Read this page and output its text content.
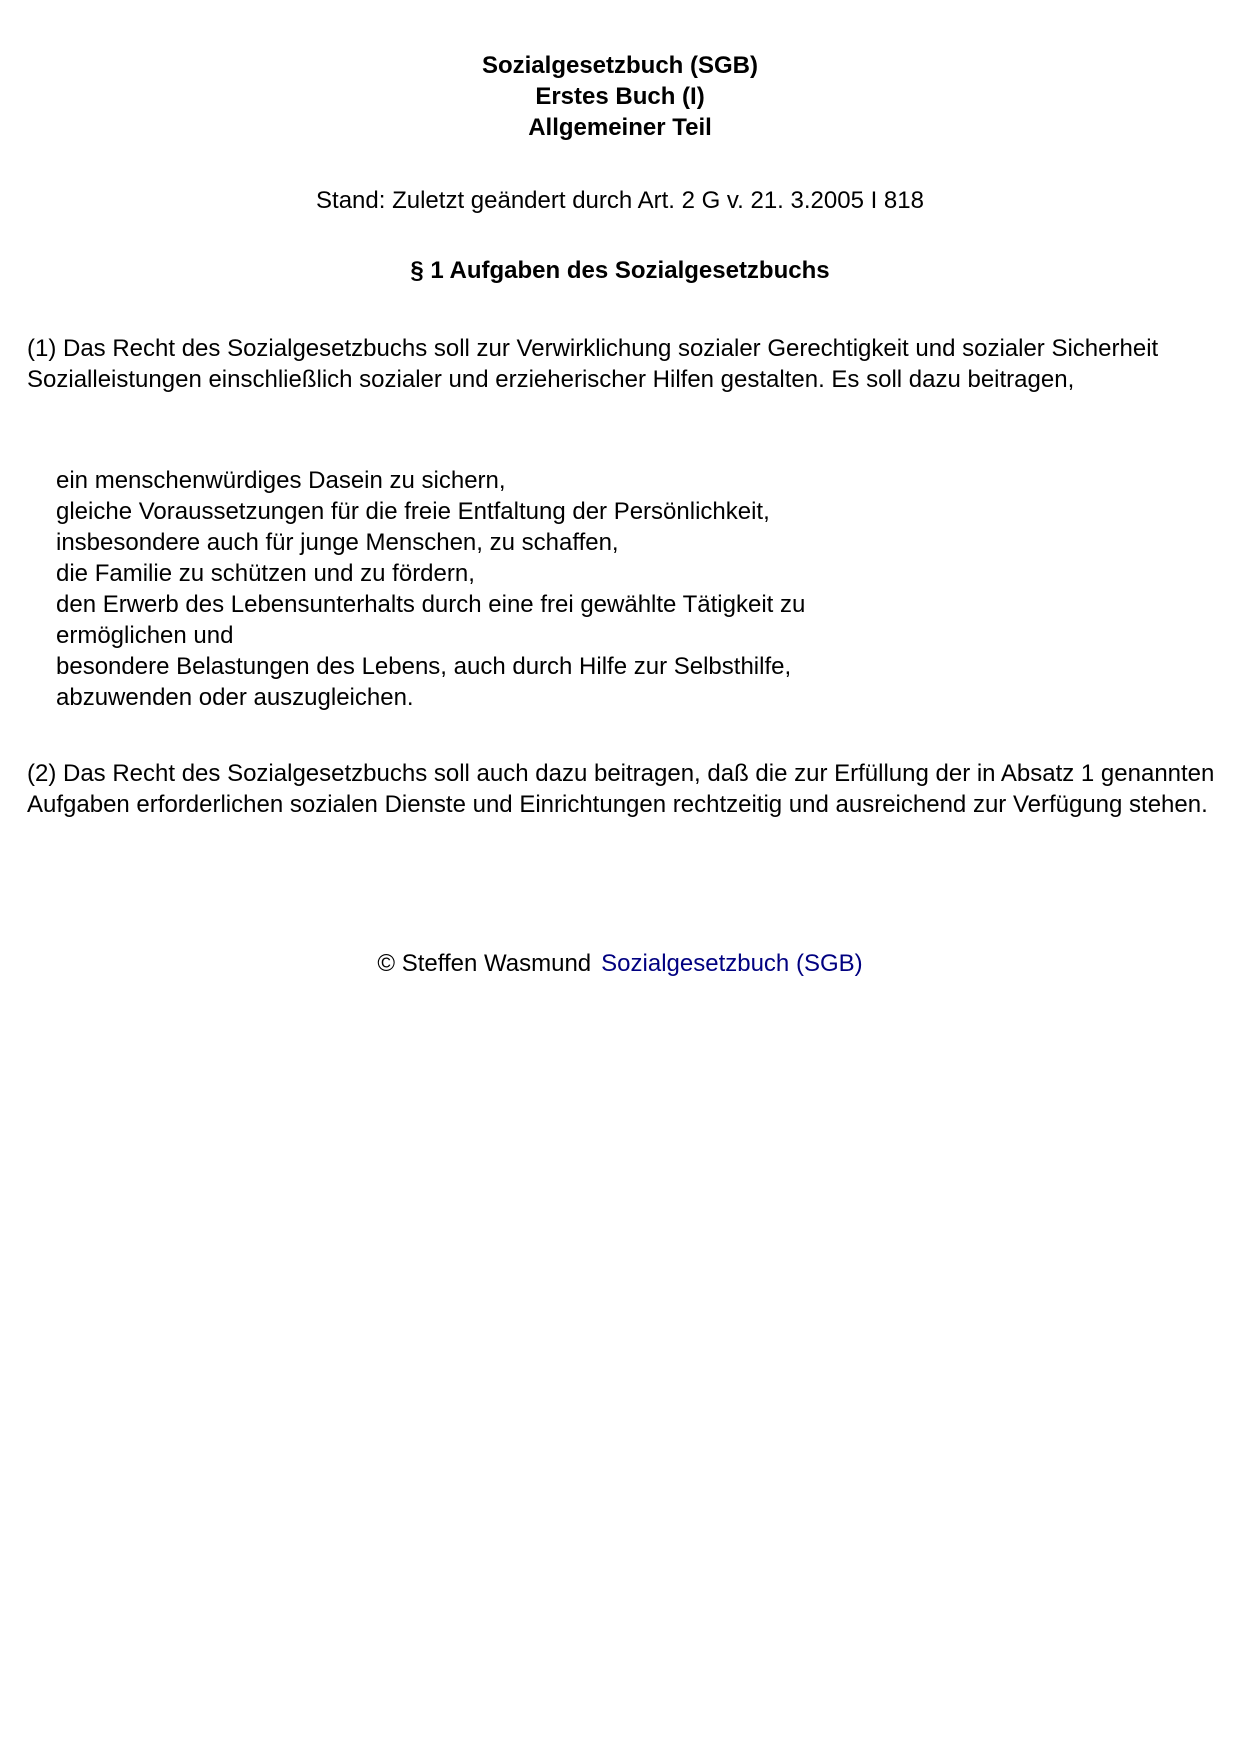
Sozialgesetzbuch (SGB)
Erstes Buch (I)
Allgemeiner Teil
Stand: Zuletzt geändert durch Art. 2 G v. 21. 3.2005 I 818
§ 1 Aufgaben des Sozialgesetzbuchs

(1) Das Recht des Sozialgesetzbuchs soll zur Verwirklichung sozialer Gerechtigkeit und sozialer Sicherheit Sozialleistungen einschließlich sozialer und erzieherischer Hilfen gestalten. Es soll dazu beitragen,

ein menschenwürdiges Dasein zu sichern,
gleiche Voraussetzungen für die freie Entfaltung der Persönlichkeit,
insbesondere auch für junge Menschen, zu schaffen,
die Familie zu schützen und zu fördern,
den Erwerb des Lebensunterhalts durch eine frei gewählte Tätigkeit zu
ermöglichen und
besondere Belastungen des Lebens, auch durch Hilfe zur Selbsthilfe,
abzuwenden oder auszugleichen.

(2) Das Recht des Sozialgesetzbuchs soll auch dazu beitragen, daß die zur Erfüllung der in Absatz 1 genannten Aufgaben erforderlichen sozialen Dienste und Einrichtungen rechtzeitig und ausreichend zur Verfügung stehen.

© Steffen Wasmund Sozialgesetzbuch (SGB)
